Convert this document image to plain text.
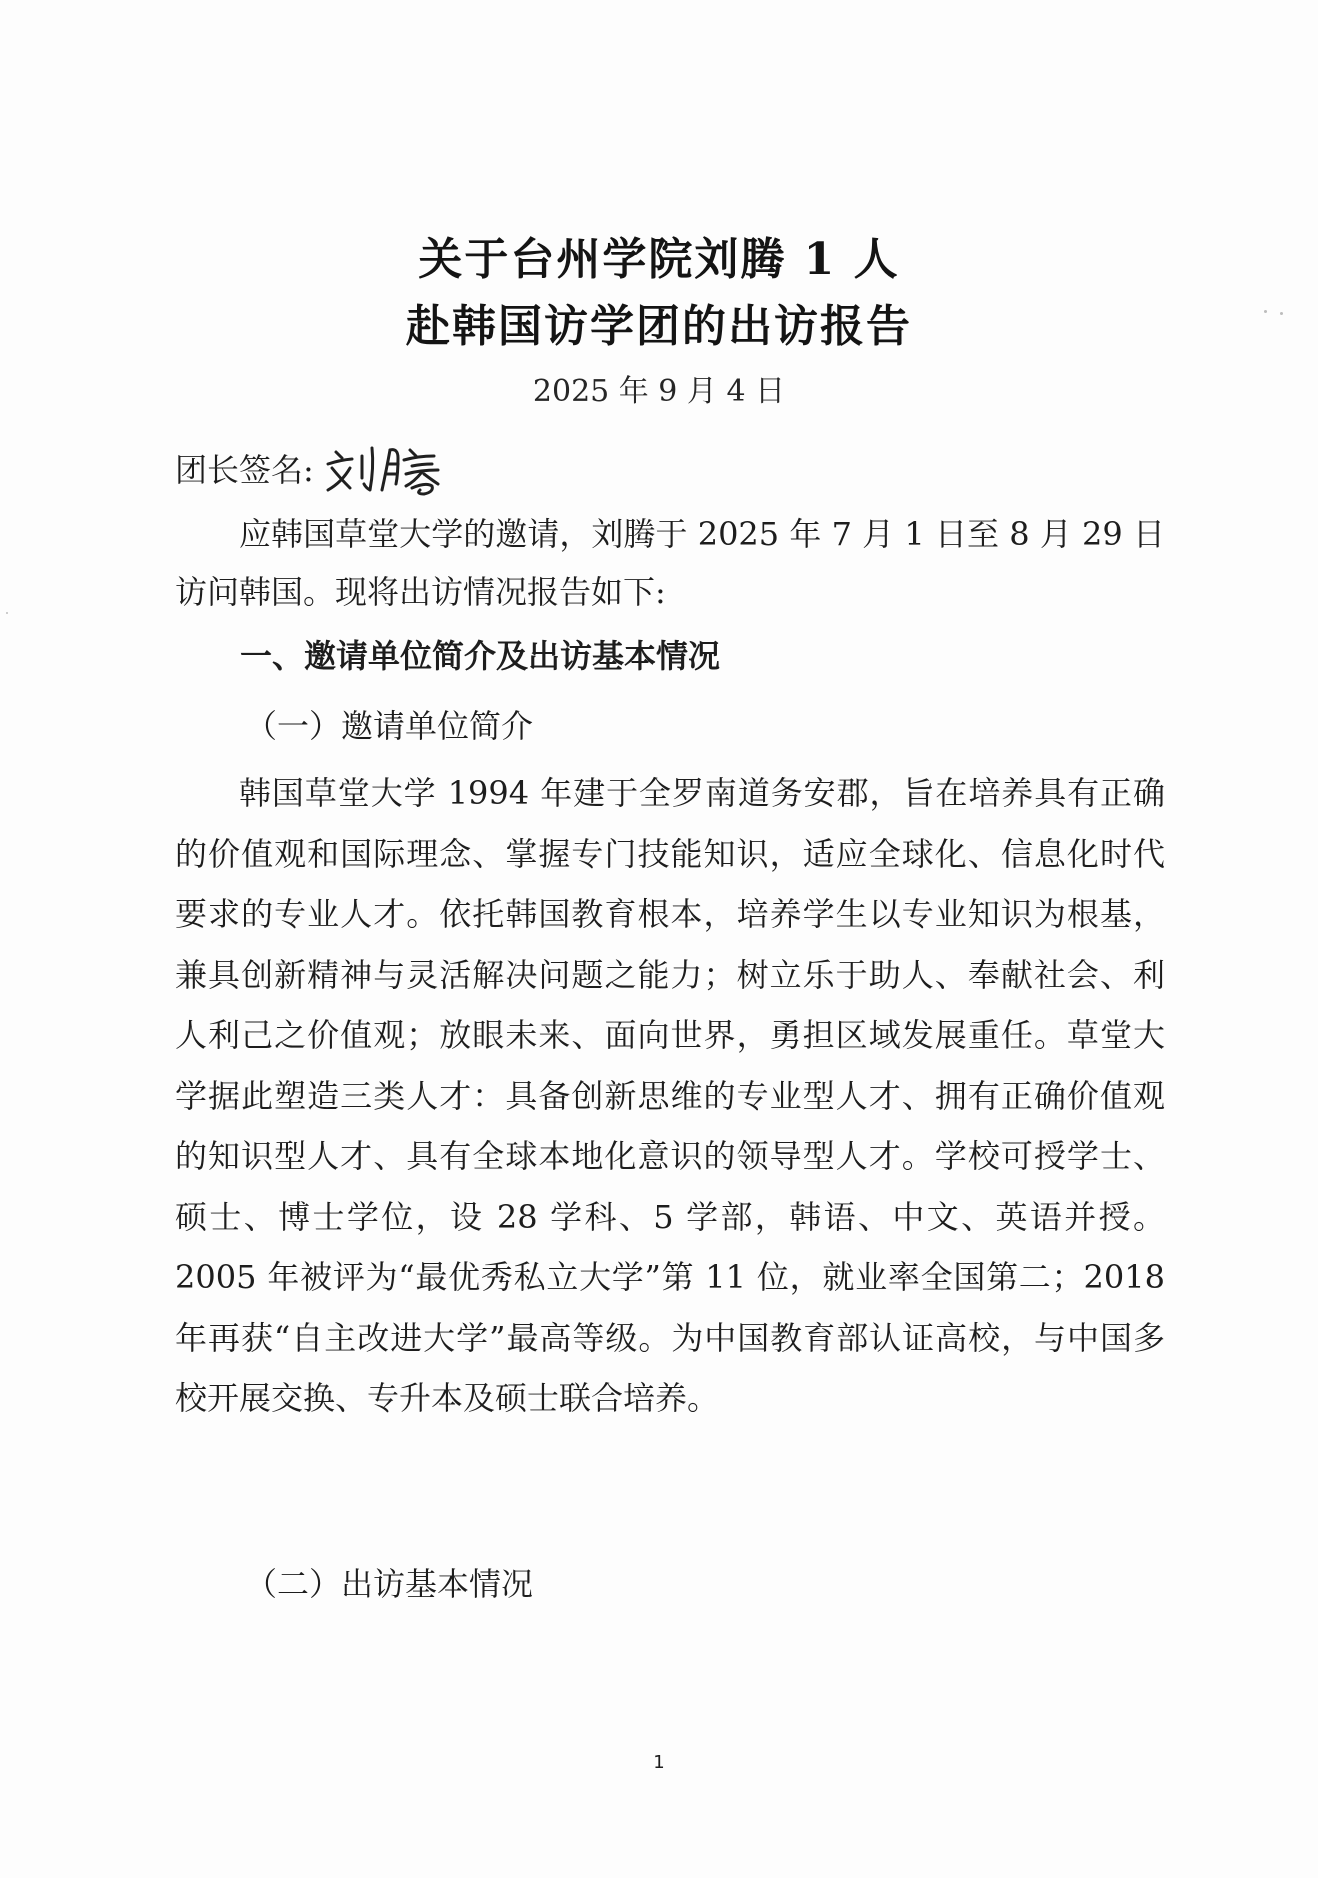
关于台州学院刘腾 1 人
赴韩国访学团的出访报告
2025 年 9 月 4 日
团长签名:

应韩国草堂大学的邀请，刘腾于 2025 年 7 月 1 日至 8 月 29 日访问韩国。现将出访情况报告如下:

一、邀请单位简介及出访基本情况
（一）邀请单位简介

韩国草堂大学 1994 年建于全罗南道务安郡，旨在培养具有正确的价值观和国际理念、掌握专门技能知识，适应全球化、信息化时代要求的专业人才。依托韩国教育根本，培养学生以专业知识为根基，兼具创新精神与灵活解决问题之能力；树立乐于助人、奉献社会、利人利己之价值观；放眼未来、面向世界，勇担区域发展重任。草堂大学据此塑造三类人才：具备创新思维的专业型人才、拥有正确价值观的知识型人才、具有全球本地化意识的领导型人才。学校可授学士、硕士、博士学位，设 28 学科、5 学部，韩语、中文、英语并授。2005 年被评为“最优秀私立大学”第 11 位，就业率全国第二；2018 年再获“自主改进大学”最高等级。为中国教育部认证高校，与中国多校开展交换、专升本及硕士联合培养。

（二）出访基本情况
1
